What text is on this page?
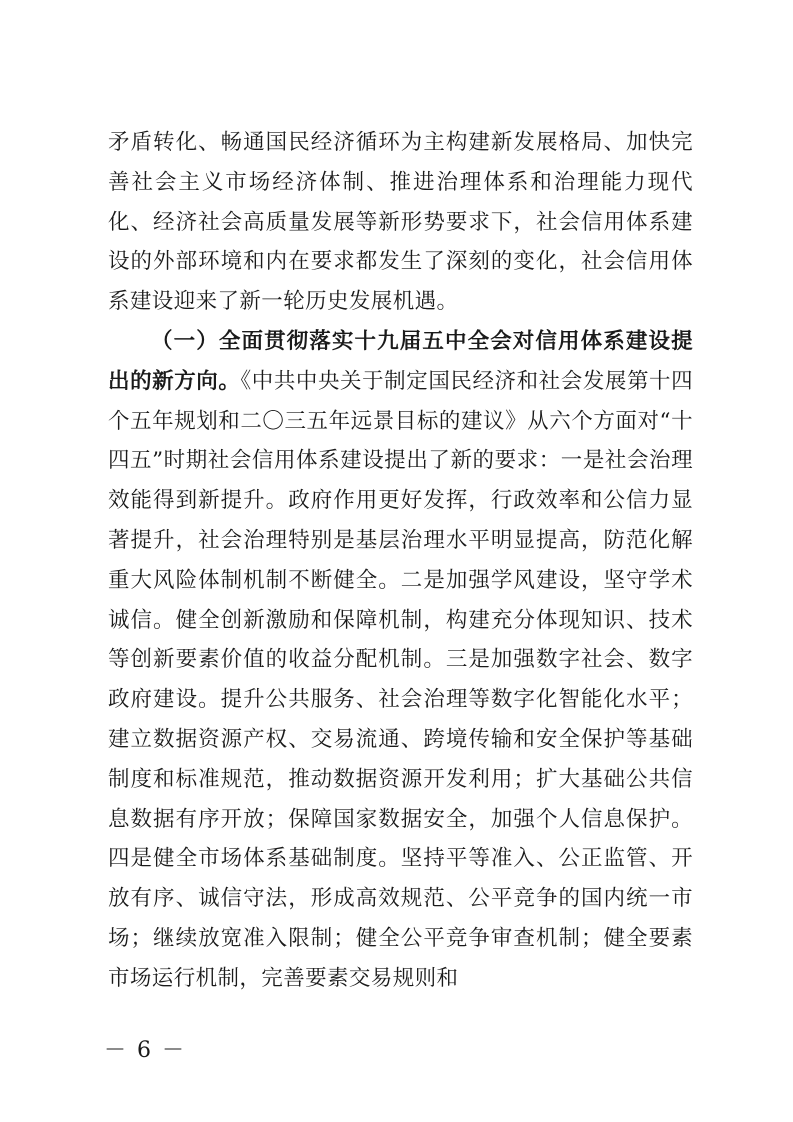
矛盾转化、畅通国民经济循环为主构建新发展格局、加快完善社会主义市场经济体制、推进治理体系和治理能力现代化、经济社会高质量发展等新形势要求下，社会信用体系建设的外部环境和内在要求都发生了深刻的变化，社会信用体系建设迎来了新一轮历史发展机遇。

（一）全面贯彻落实十九届五中全会对信用体系建设提出的新方向。《中共中央关于制定国民经济和社会发展第十四个五年规划和二〇三五年远景目标的建议》从六个方面对“十四五”时期社会信用体系建设提出了新的要求：一是社会治理效能得到新提升。政府作用更好发挥，行政效率和公信力显著提升，社会治理特别是基层治理水平明显提高，防范化解重大风险体制机制不断健全。二是加强学风建设，坚守学术诚信。健全创新激励和保障机制，构建充分体现知识、技术等创新要素价值的收益分配机制。三是加强数字社会、数字政府建设。提升公共服务、社会治理等数字化智能化水平；建立数据资源产权、交易流通、跨境传输和安全保护等基础制度和标准规范，推动数据资源开发利用；扩大基础公共信息数据有序开放；保障国家数据安全，加强个人信息保护。四是健全市场体系基础制度。坚持平等准入、公正监管、开放有序、诚信守法，形成高效规范、公平竞争的国内统一市场；继续放宽准入限制；健全公平竞争审查机制；健全要素市场运行机制，完善要素交易规则和

－ 6 －
